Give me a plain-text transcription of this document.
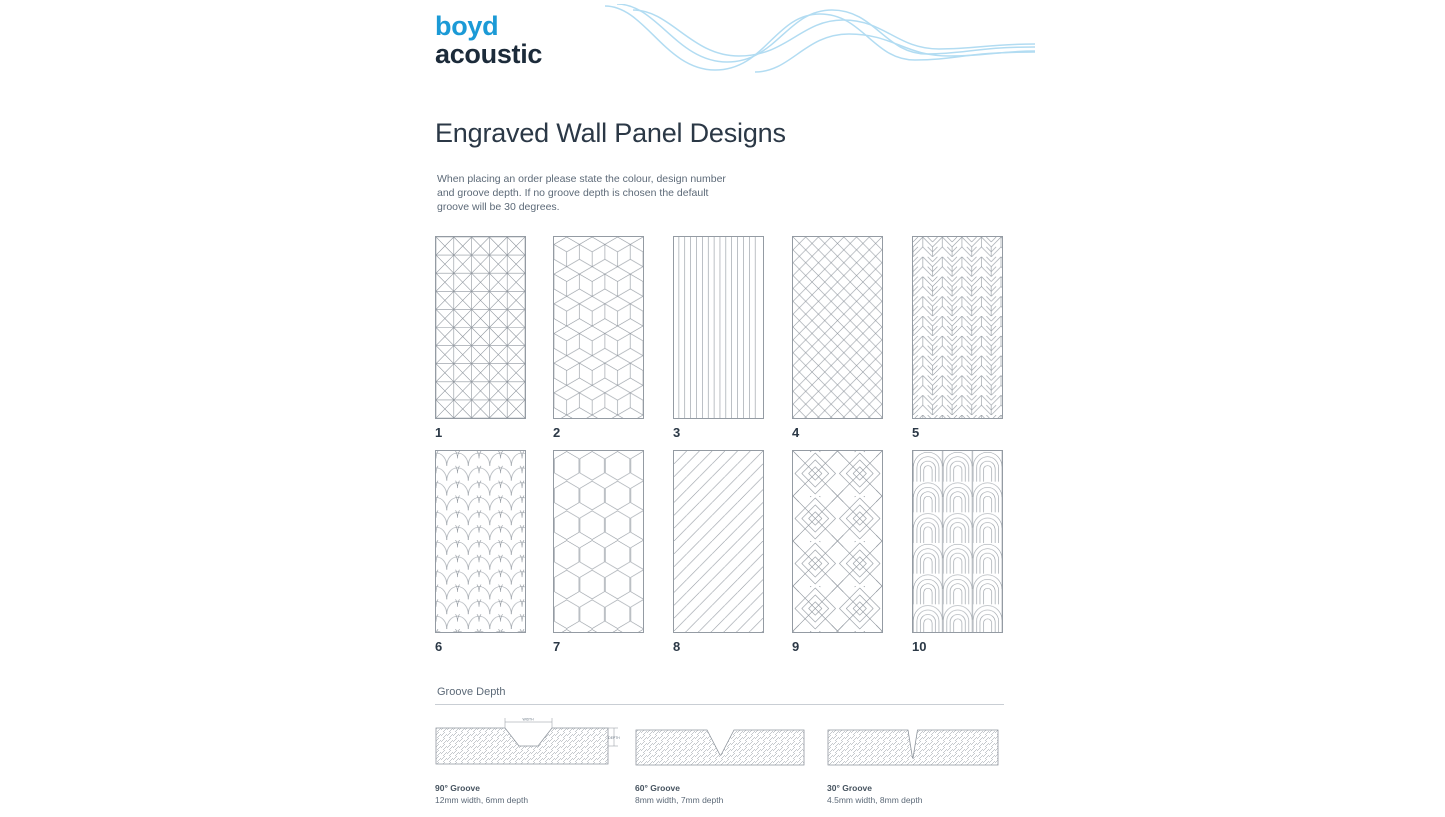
boyd
acoustic
Engraved Wall Panel Designs
When placing an order please state the colour, design number and groove depth. If no groove depth is chosen the default groove will be 30 degrees.
1	2	3	4	5
6	7	8	9	10
Groove Depth
WIDTH
DEPTH
90° Groove
12mm width, 6mm depth
60° Groove
8mm width, 7mm depth
30° Groove
4.5mm width, 8mm depth
